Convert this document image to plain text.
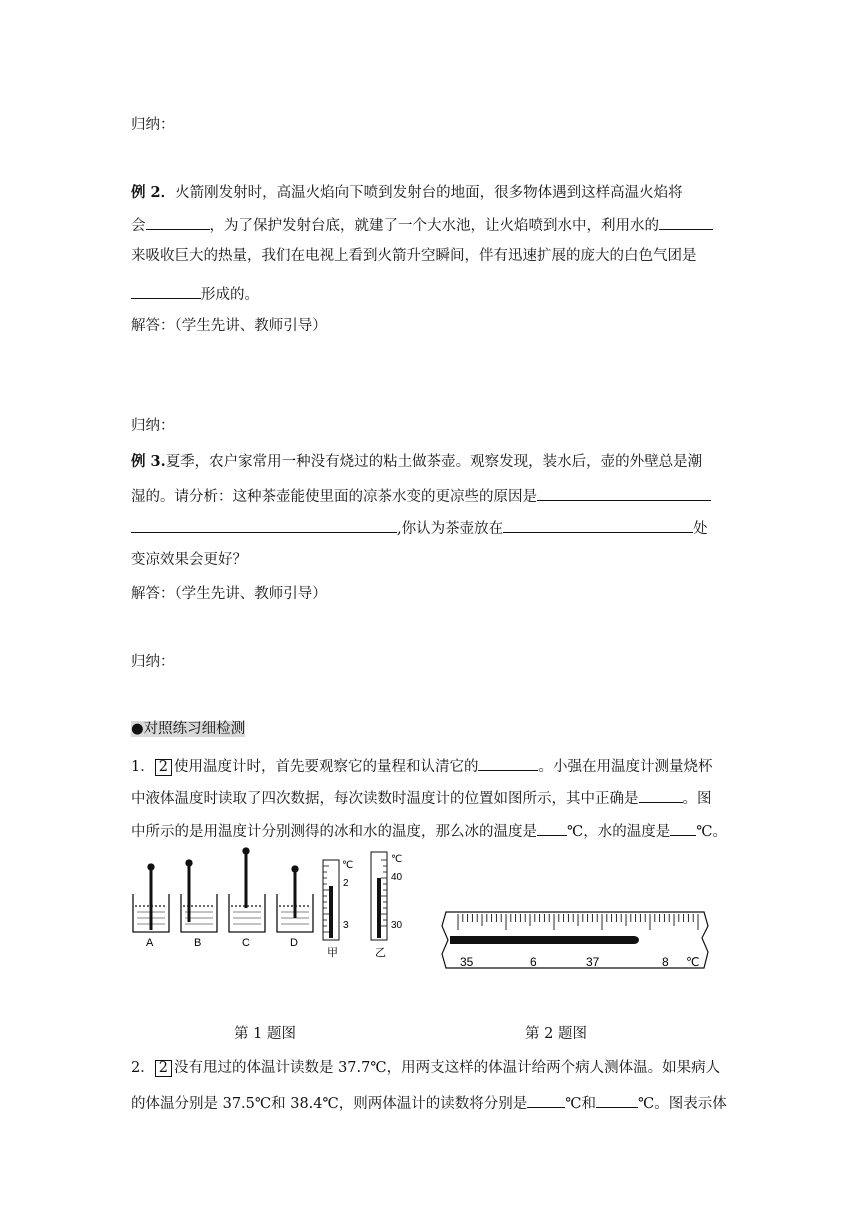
归纳：
例 2．火箭刚发射时，高温火焰向下喷到发射台的地面，很多物体遇到这样高温火焰将
会	，为了保护发射台底，就建了一个大水池，让火焰喷到水中，利用水的
来吸收巨大的热量，我们在电视上看到火箭升空瞬间，伴有迅速扩展的庞大的白色气团是
形成的。
解答：（学生先讲、教师引导）
归纳：
例 3.夏季，农户家常用一种没有烧过的粘土做茶壶。观察发现，装水后，壶的外壁总是潮
湿的。请分析：这种茶壶能使里面的凉茶水变的更凉些的原因是
,你认为茶壶放在	处
变凉效果会更好？
解答：（学生先讲、教师引导）
归纳：
●对照练习细检测
1． 2 使用温度计时，首先要观察它的量程和认清它的	。小强在用温度计测量烧杯
中液体温度时读取了四次数据，每次读数时温度计的位置如图所示，其中正确是	。图
中所示的是用温度计分别测得的冰和水的温度，那么冰的温度是 ℃，水的温度是 ℃。
A	B	C	D
℃
2
3
甲
℃
40
30
乙
35	6	37	8 ℃
第 1 题图	第 2 题图
2． 2 没有甩过的体温计读数是 37.7℃，用两支这样的体温计给两个病人测体温。如果病人
的体温分别是 37.5℃和 38.4℃，则两体温计的读数将分别是	℃和	℃。图表示体
